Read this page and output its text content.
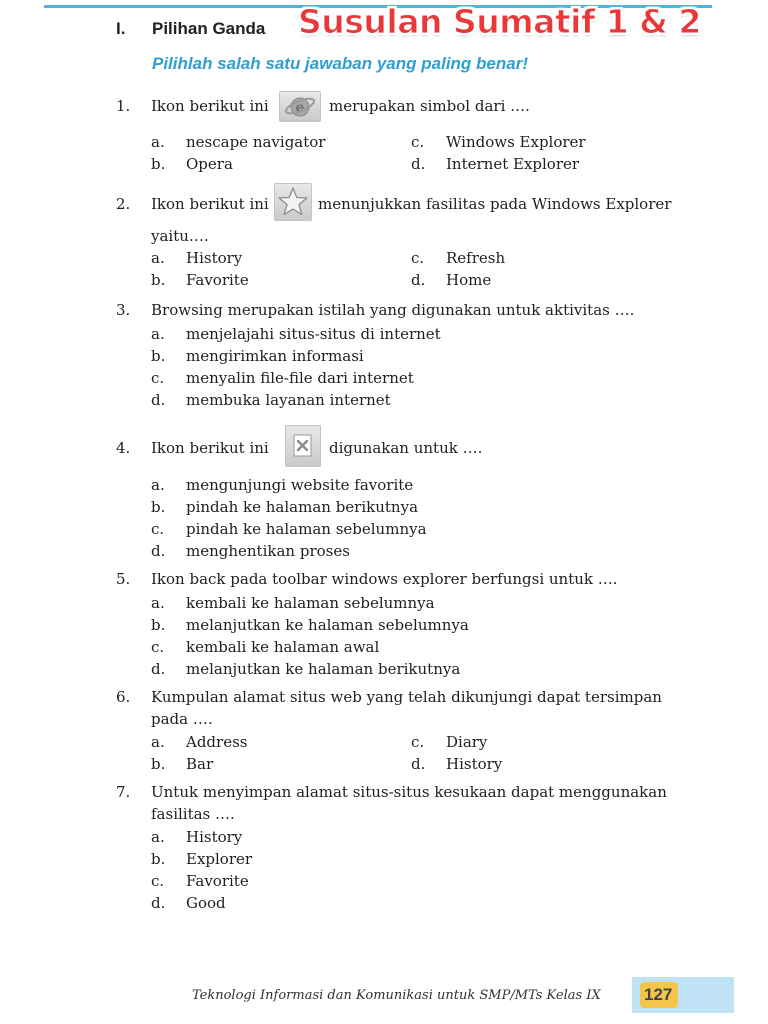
I. Pilihan Ganda Susulan Sumatif 1 & 2
Pilihlah salah satu jawaban yang paling benar!
1. Ikon berikut ini e merupakan simbol dari ….
a. nescape navigator
b. Opera
c. Windows Explorer
d. Internet Explorer
2. Ikon berikut ini	menunjukkan fasilitas pada Windows Explorer
yaitu….
a. History
b. Favorite
c. Refresh
d. Home
3. Browsing merupakan istilah yang digunakan untuk aktivitas ….
a. menjelajahi situs-situs di internet
b. mengirimkan informasi
c. menyalin file-file dari internet
d. membuka layanan internet
4. Ikon berikut ini	digunakan untuk ….
a. mengunjungi website favorite
b. pindah ke halaman berikutnya
c. pindah ke halaman sebelumnya
d. menghentikan proses
5. Ikon back pada toolbar windows explorer berfungsi untuk ….
a. kembali ke halaman sebelumnya
b. melanjutkan ke halaman sebelumnya
c. kembali ke halaman awal
d. melanjutkan ke halaman berikutnya
6. Kumpulan alamat situs web yang telah dikunjungi dapat tersimpan
pada ….
a. Address
b. Bar
c. Diary
d. History
7. Untuk menyimpan alamat situs-situs kesukaan dapat menggunakan
fasilitas ….
a. History
b. Explorer
c. Favorite
d. Good
Teknologi Informasi dan Komunikasi untuk SMP/MTs Kelas IX	127
